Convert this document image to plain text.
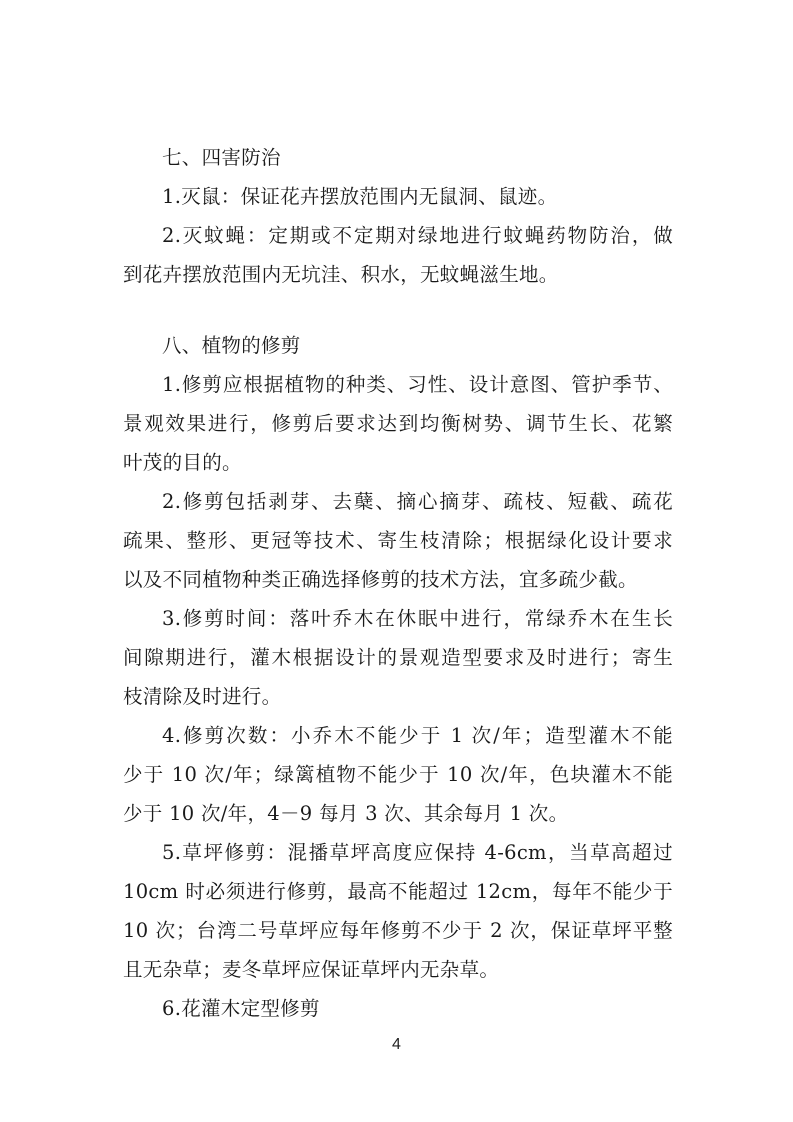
七、四害防治
1.灭鼠：保证花卉摆放范围内无鼠洞、鼠迹。
2.灭蚊蝇：定期或不定期对绿地进行蚊蝇药物防治，做
到花卉摆放范围内无坑洼、积水，无蚊蝇滋生地。
八、植物的修剪
1.修剪应根据植物的种类、习性、设计意图、管护季节、
景观效果进行，修剪后要求达到均衡树势、调节生长、花繁
叶茂的目的。
2.修剪包括剥芽、去蘖、摘心摘芽、疏枝、短截、疏花
疏果、整形、更冠等技术、寄生枝清除；根据绿化设计要求
以及不同植物种类正确选择修剪的技术方法，宜多疏少截。
3.修剪时间：落叶乔木在休眠中进行，常绿乔木在生长
间隙期进行，灌木根据设计的景观造型要求及时进行；寄生
枝清除及时进行。
4.修剪次数：小乔木不能少于 1 次/年；造型灌木不能
少于 10 次/年；绿篱植物不能少于 10 次/年，色块灌木不能
少于 10 次/年，4－9 每月 3 次、其余每月 1 次。
5.草坪修剪：混播草坪高度应保持 4-6cm，当草高超过
10cm 时必须进行修剪，最高不能超过 12cm，每年不能少于
10 次；台湾二号草坪应每年修剪不少于 2 次，保证草坪平整
且无杂草；麦冬草坪应保证草坪内无杂草。
6.花灌木定型修剪
4
